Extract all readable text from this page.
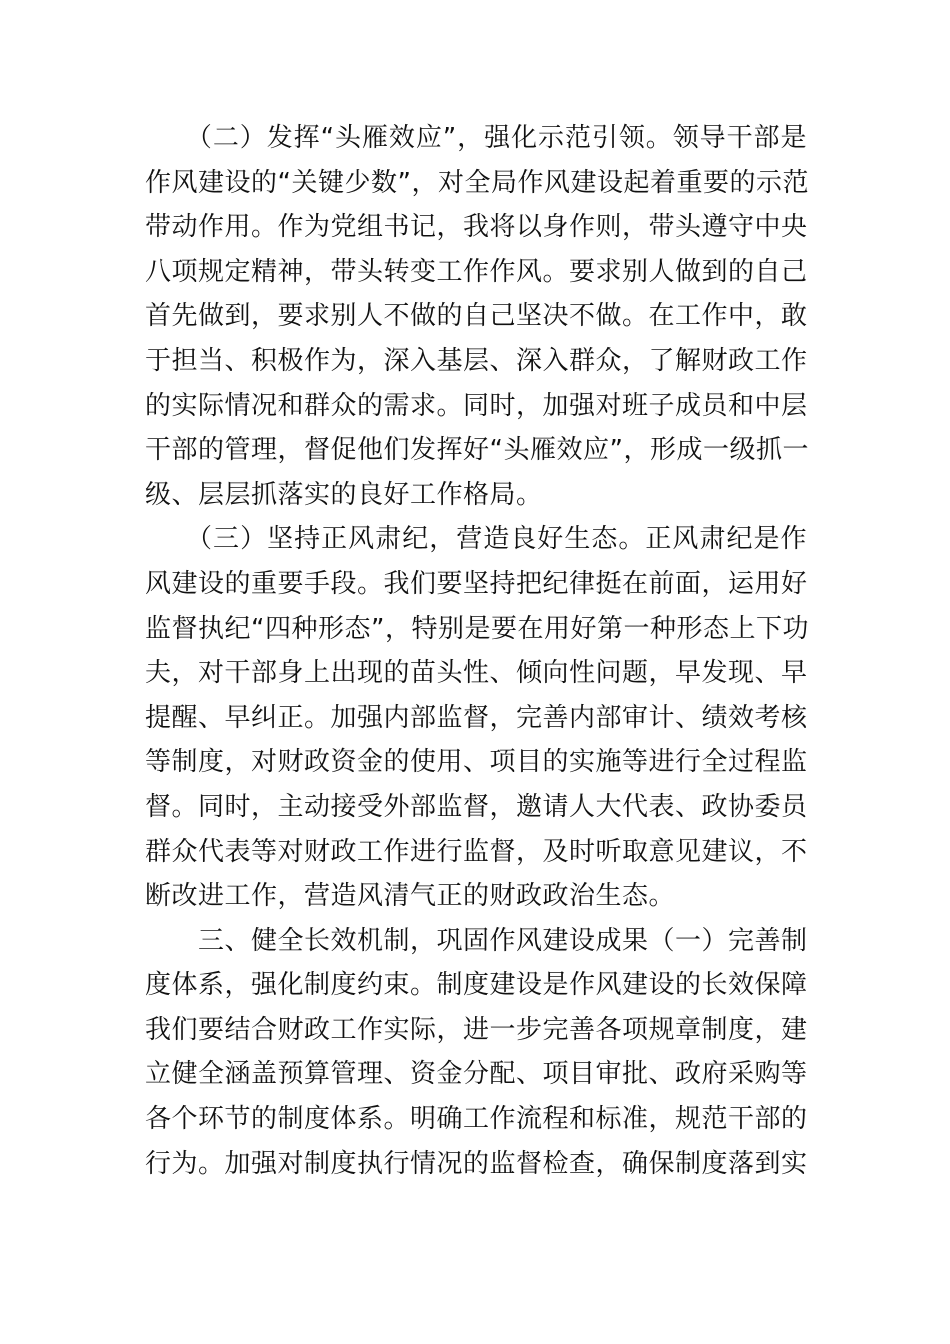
　　（二）发挥“头雁效应”，强化示范引领。领导干部是
作风建设的“关键少数”，对全局作风建设起着重要的示范
带动作用。作为党组书记，我将以身作则，带头遵守中央
八项规定精神，带头转变工作作风。要求别人做到的自己
首先做到，要求别人不做的自己坚决不做。在工作中，敢
于担当、积极作为，深入基层、深入群众，了解财政工作
的实际情况和群众的需求。同时，加强对班子成员和中层
干部的管理，督促他们发挥好“头雁效应”，形成一级抓一
级、层层抓落实的良好工作格局。
　　（三）坚持正风肃纪，营造良好生态。正风肃纪是作
风建设的重要手段。我们要坚持把纪律挺在前面，运用好
监督执纪“四种形态”，特别是要在用好第一种形态上下功
夫，对干部身上出现的苗头性、倾向性问题，早发现、早
提醒、早纠正。加强内部监督，完善内部审计、绩效考核
等制度，对财政资金的使用、项目的实施等进行全过程监
督。同时，主动接受外部监督，邀请人大代表、政协委员
群众代表等对财政工作进行监督，及时听取意见建议，不
断改进工作，营造风清气正的财政政治生态。
　　三、健全长效机制，巩固作风建设成果（一）完善制
度体系，强化制度约束。制度建设是作风建设的长效保障
我们要结合财政工作实际，进一步完善各项规章制度，建
立健全涵盖预算管理、资金分配、项目审批、政府采购等
各个环节的制度体系。明确工作流程和标准，规范干部的
行为。加强对制度执行情况的监督检查，确保制度落到实
